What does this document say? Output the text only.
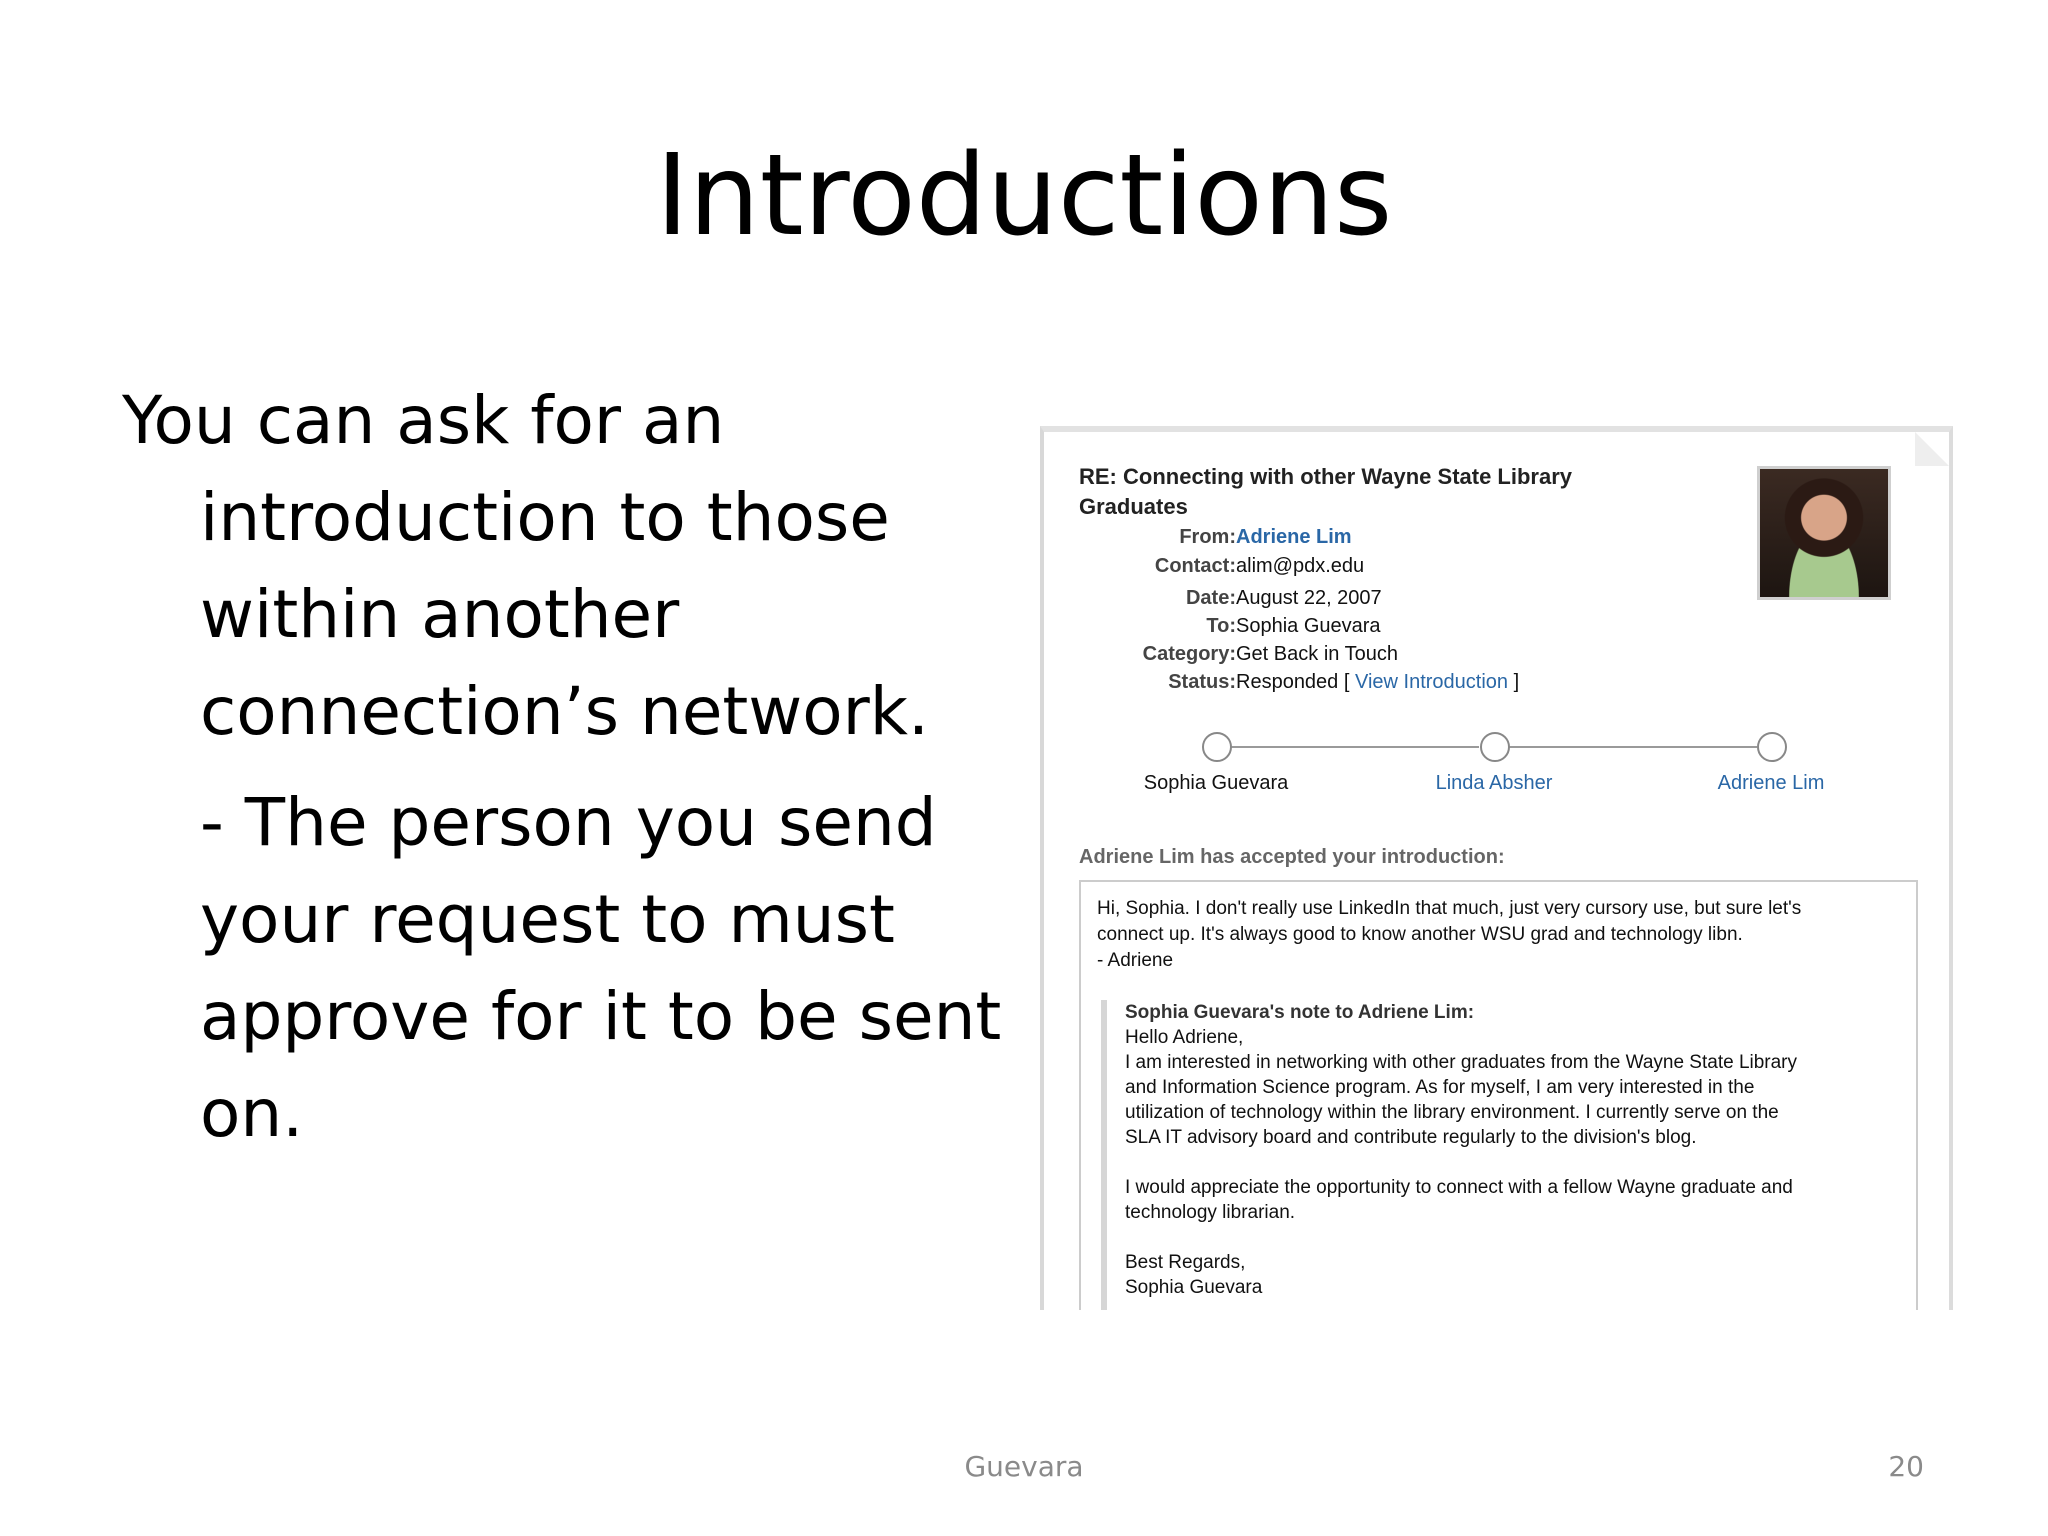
Introductions

You can ask for an introduction to those within another connection’s network.

- The person you send your request to must approve for it to be sent on.

RE: Connecting with other Wayne State Library Graduates
From: Adriene Lim
Contact: alim@pdx.edu
Date: August 22, 2007
To: Sophia Guevara
Category: Get Back in Touch
Status: Responded [ View Introduction ]
Sophia Guevara	Linda Absher	Adriene Lim
Adriene Lim has accepted your introduction:
Hi, Sophia. I don't really use LinkedIn that much, just very cursory use, but sure let's
connect up. It's always good to know another WSU grad and technology libn.
- Adriene
Sophia Guevara's note to Adriene Lim:
Hello Adriene,
I am interested in networking with other graduates from the Wayne State Library
and Information Science program. As for myself, I am very interested in the
utilization of technology within the library environment. I currently serve on the
SLA IT advisory board and contribute regularly to the division's blog.
I would appreciate the opportunity to connect with a fellow Wayne graduate and
technology librarian.
Best Regards,
Sophia Guevara
Guevara	20
